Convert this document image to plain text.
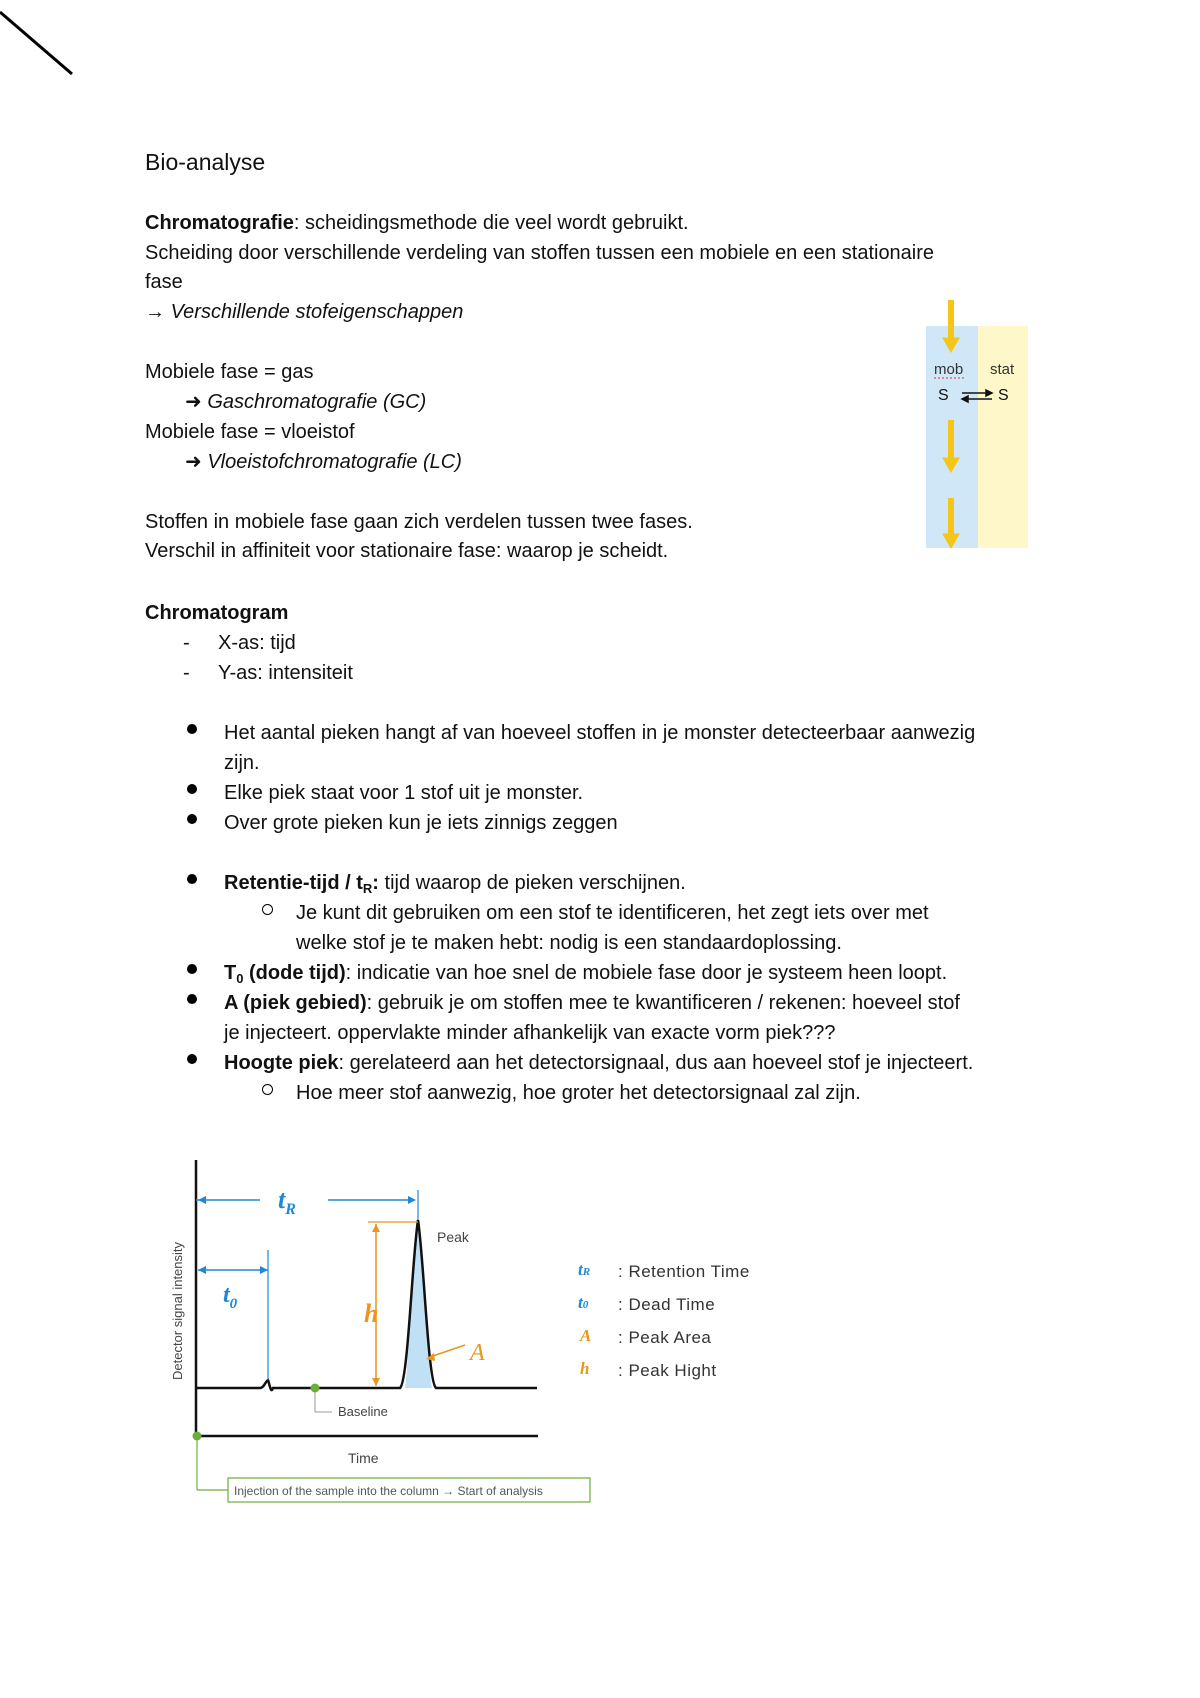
Bio-analyse
Chromatografie: scheidingsmethode die veel wordt gebruikt.
Scheiding door verschillende verdeling van stoffen tussen een mobiele en een stationaire
fase
→ Verschillende stofeigenschappen
Mobiele fase = gas
➜ Gaschromatografie (GC)
Mobiele fase = vloeistof
➜ Vloeistofchromatografie (LC)
Stoffen in mobiele fase gaan zich verdelen tussen twee fases.
Verschil in affiniteit voor stationaire fase: waarop je scheidt.
mob stat
S	S
Chromatogram
- X-as: tijd
- Y-as: intensiteit
Het aantal pieken hangt af van hoeveel stoffen in je monster detecteerbaar aanwezig
zijn.
Elke piek staat voor 1 stof uit je monster.
Over grote pieken kun je iets zinnigs zeggen
Retentie-tijd / $t_R$: tijd waarop de pieken verschijnen.
Je kunt dit gebruiken om een stof te identificeren, het zegt iets over met
welke stof je te maken hebt: nodig is een standaardoplossing.
$T_0$ (dode tijd): indicatie van hoe snel de mobiele fase door je systeem heen loopt.
A (piek gebied): gebruik je om stoffen mee te kwantificeren / rekenen: hoeveel stof
je injecteert. oppervlakte minder afhankelijk van exacte vorm piek???
Hoogte piek: gerelateerd aan het detectorsignaal, dus aan hoeveel stof je injecteert.
Hoe meer stof aanwezig, hoe groter het detectorsignaal zal zijn.
Detector signal intensity
Time
$t_R$
$t_0$	h
A
Peak
Baseline
Injection of the sample into the column → Start of analysis
tR : Retention Time
t0 : Dead Time
A : Peak Area
h : Peak Hight
